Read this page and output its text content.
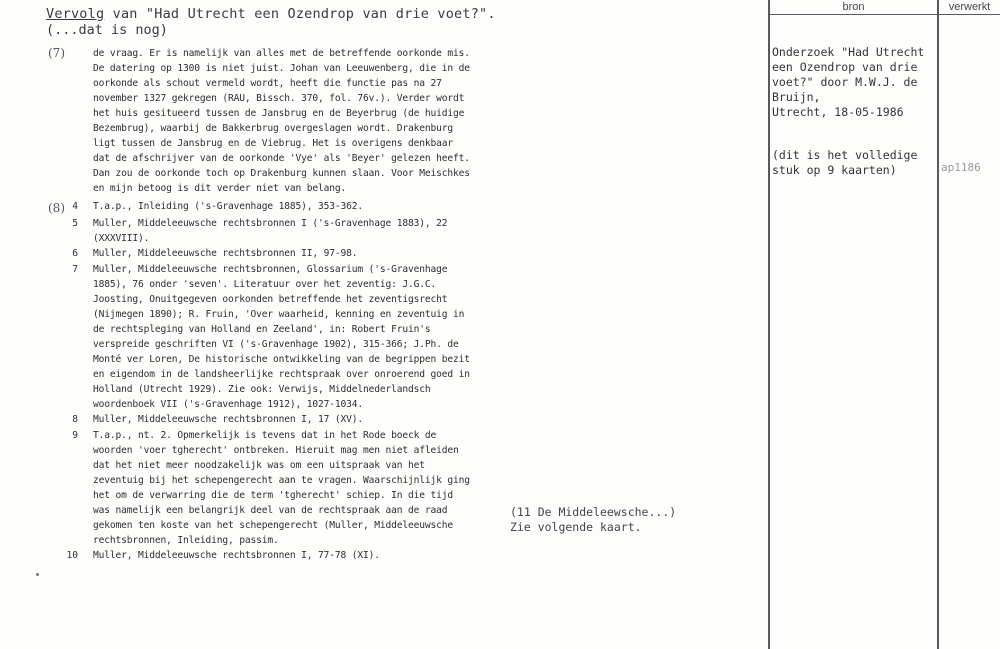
Vervolg van "Had Utrecht een Ozendrop van drie voet?".
(...dat is nog)
(7)
(8)
de vraag. Er is namelijk van alles met de betreffende oorkonde mis.
De datering op 1300 is niet juist. Johan van Leeuwenberg, die in de
oorkonde als schout vermeld wordt, heeft die functie pas na 27
november 1327 gekregen (RAU, Bissch. 370, fol. 76v.). Verder wordt
het huis gesitueerd tussen de Jansbrug en de Beyerbrug (de huidige
Bezembrug), waarbij de Bakkerbrug overgeslagen wordt. Drakenburg
ligt tussen de Jansbrug en de Viebrug. Het is overigens denkbaar
dat de afschrijver van de oorkonde 'Vye' als 'Beyer' gelezen heeft.
Dan zou de oorkonde toch op Drakenburg kunnen slaan. Voor Meischkes
en mijn betoog is dit verder niet van belang.
4 T.a.p., Inleiding ('s-Gravenhage 1885), 353-362.
5 Muller, Middeleeuwsche rechtsbronnen I ('s-Gravenhage 1883), 22
(XXXVIII).
6 Muller, Middeleeuwsche rechtsbronnen II, 97-98.
7 Muller, Middeleeuwsche rechtsbronnen, Glossarium ('s-Gravenhage
1885), 76 onder 'seven'. Literatuur over het zeventig: J.G.C.
Joosting, Onuitgegeven oorkonden betreffende het zeventigsrecht
(Nijmegen 1890); R. Fruin, 'Over waarheid, kenning en zeventuig in
de rechtspleging van Holland en Zeeland', in: Robert Fruin's
verspreide geschriften VI ('s-Gravenhage 1902), 315-366; J.Ph. de
Monté ver Loren, De historische ontwikkeling van de begrippen bezit
en eigendom in de landsheerlijke rechtspraak over onroerend goed in
Holland (Utrecht 1929). Zie ook: Verwijs, Middelnederlandsch
woordenboek VII ('s-Gravenhage 1912), 1027-1034.
8 Muller, Middeleeuwsche rechtsbronnen I, 17 (XV).
9 T.a.p., nt. 2. Opmerkelijk is tevens dat in het Rode boeck de
woorden 'voer tgherecht' ontbreken. Hieruit mag men niet afleiden
dat het niet meer noodzakelijk was om een uitspraak van het
zeventuig bij het schepengerecht aan te vragen. Waarschijnlijk ging
het om de verwarring die de term 'tgherecht' schiep. In die tijd
was namelijk een belangrijk deel van de rechtspraak aan de raad
gekomen ten koste van het schepengerecht (Muller, Middeleeuwsche
rechtsbronnen, Inleiding, passim.
10 Muller, Middeleeuwsche rechtsbronnen I, 77-78 (XI).
(11 De Middeleewsche...)
Zie volgende kaart.
bron	verwerkt
Onderzoek "Had Utrecht
een Ozendrop van drie
voet?" door M.W.J. de
Bruijn,
Utrecht, 18-05-1986
(dit is het volledige
stuk op 9 kaarten)	ap1186
